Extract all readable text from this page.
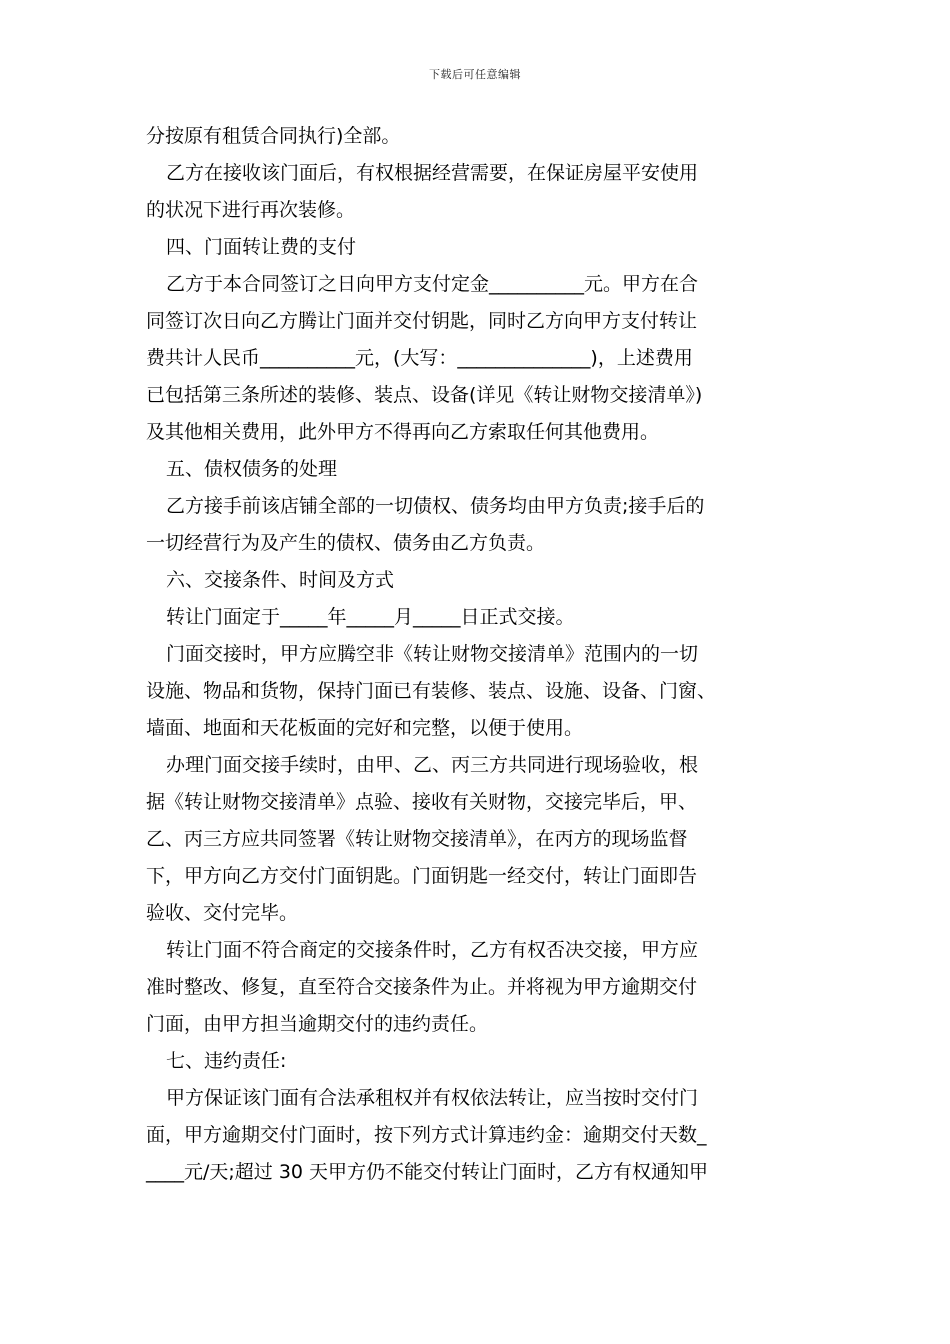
下载后可任意编辑
分按原有租赁合同执行)全部。
乙方在接收该门面后，有权根据经营需要，在保证房屋平安使用
的状况下进行再次装修。
四、门面转让费的支付
乙方于本合同签订之日向甲方支付定金__________元。甲方在合
同签订次日向乙方腾让门面并交付钥匙，同时乙方向甲方支付转让
费共计人民币__________元，(大写：______________)，上述费用
已包括第三条所述的装修、装点、设备(详见《转让财物交接清单》)
及其他相关费用，此外甲方不得再向乙方索取任何其他费用。
五、债权债务的处理
乙方接手前该店铺全部的一切债权、债务均由甲方负责;接手后的
一切经营行为及产生的债权、债务由乙方负责。
六、交接条件、时间及方式
转让门面定于_____年_____月_____日正式交接。
门面交接时，甲方应腾空非《转让财物交接清单》范围内的一切
设施、物品和货物，保持门面已有装修、装点、设施、设备、门窗、
墙面、地面和天花板面的完好和完整，以便于使用。
办理门面交接手续时，由甲、乙、丙三方共同进行现场验收，根
据《转让财物交接清单》点验、接收有关财物，交接完毕后，甲、
乙、丙三方应共同签署《转让财物交接清单》，在丙方的现场监督
下，甲方向乙方交付门面钥匙。门面钥匙一经交付，转让门面即告
验收、交付完毕。
转让门面不符合商定的交接条件时，乙方有权否决交接，甲方应
准时整改、修复，直至符合交接条件为止。并将视为甲方逾期交付
门面，由甲方担当逾期交付的违约责任。
七、违约责任:
甲方保证该门面有合法承租权并有权依法转让，应当按时交付门
面，甲方逾期交付门面时，按下列方式计算违约金：逾期交付天数_
____元/天;超过 30 天甲方仍不能交付转让门面时，乙方有权通知甲
